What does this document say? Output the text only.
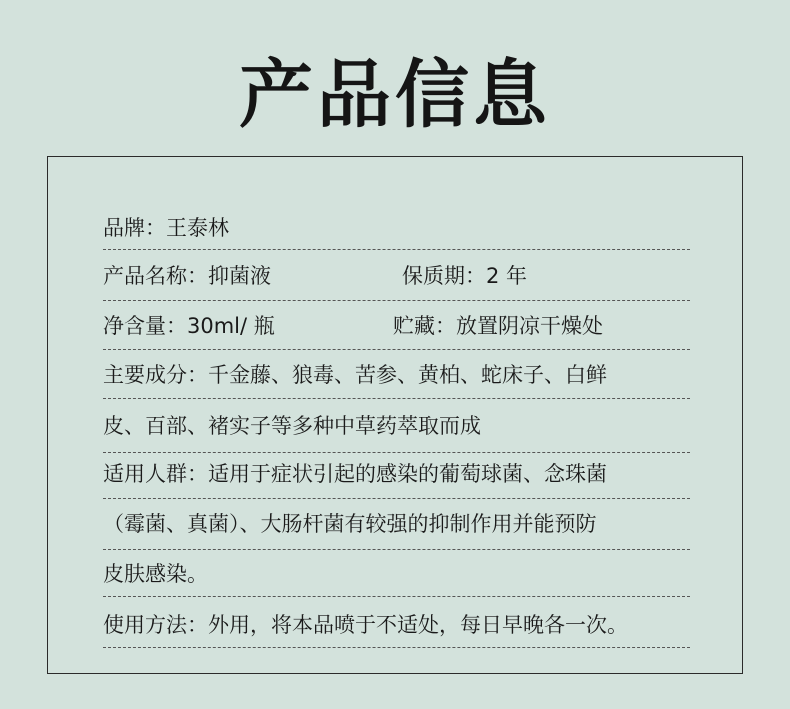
产品信息
品牌：王泰林
产品名称：抑菌液	保质期：2 年
净含量：30ml/ 瓶	贮藏：放置阴凉干燥处
主要成分：千金藤、狼毒、苦参、黄柏、蛇床子、白鲜
皮、百部、褚实子等多种中草药萃取而成
适用人群：适用于症状引起的感染的葡萄球菌、念珠菌
（霉菌、真菌）、大肠杆菌有较强的抑制作用并能预防
皮肤感染。
使用方法：外用，将本品喷于不适处，每日早晚各一次。
